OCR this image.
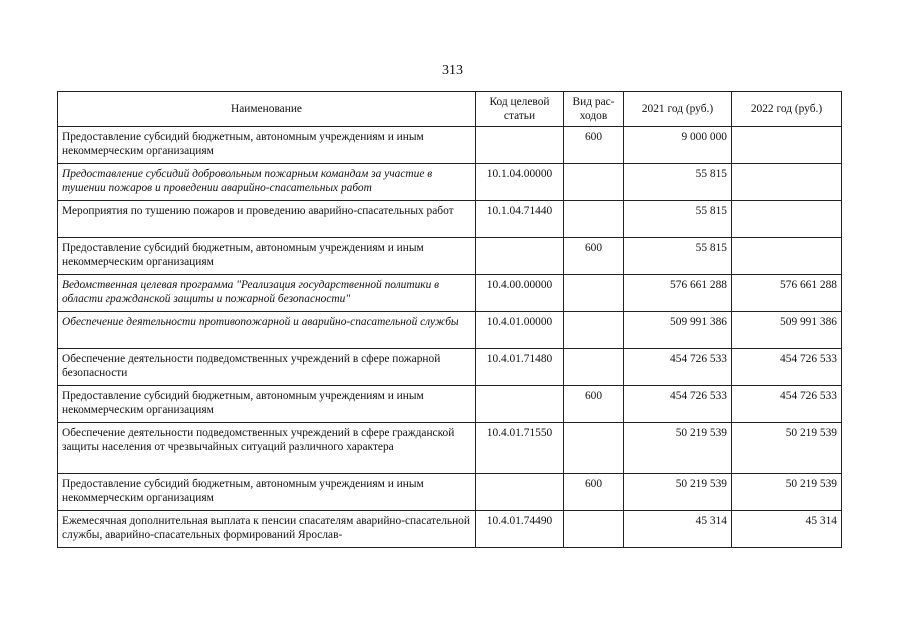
313
Наименование	Код целевой статьи	Вид рас-ходов	2021 год (руб.)	2022 год (руб.)
Предоставление субсидий бюджетным, автономным учреждениям и иным некоммерческим организациям		600	9 000 000	
Предоставление субсидий добровольным пожарным командам за участие в тушении пожаров и проведении аварийно-спасательных работ	10.1.04.00000		55 815	
Мероприятия по тушению пожаров и проведению аварийно-спасательных работ	10.1.04.71440		55 815	
Предоставление субсидий бюджетным, автономным учреждениям и иным некоммерческим организациям		600	55 815	
Ведомственная целевая программа "Реализация государственной политики в области гражданской защиты и пожарной безопасности"	10.4.00.00000		576 661 288	576 661 288
Обеспечение деятельности противопожарной и аварийно-спасательной службы	10.4.01.00000		509 991 386	509 991 386
Обеспечение деятельности подведомственных учреждений в сфере пожарной безопасности	10.4.01.71480		454 726 533	454 726 533
Предоставление субсидий бюджетным, автономным учреждениям и иным некоммерческим организациям		600	454 726 533	454 726 533
Обеспечение деятельности подведомственных учреждений в сфере гражданской защиты населения от чрезвычайных ситуаций различного характера	10.4.01.71550		50 219 539	50 219 539
Предоставление субсидий бюджетным, автономным учреждениям и иным некоммерческим организациям		600	50 219 539	50 219 539
Ежемесячная дополнительная выплата к пенсии спасателям аварийно-спасательной службы, аварийно-спасательных формирований Ярослав-	10.4.01.74490		45 314	45 314
